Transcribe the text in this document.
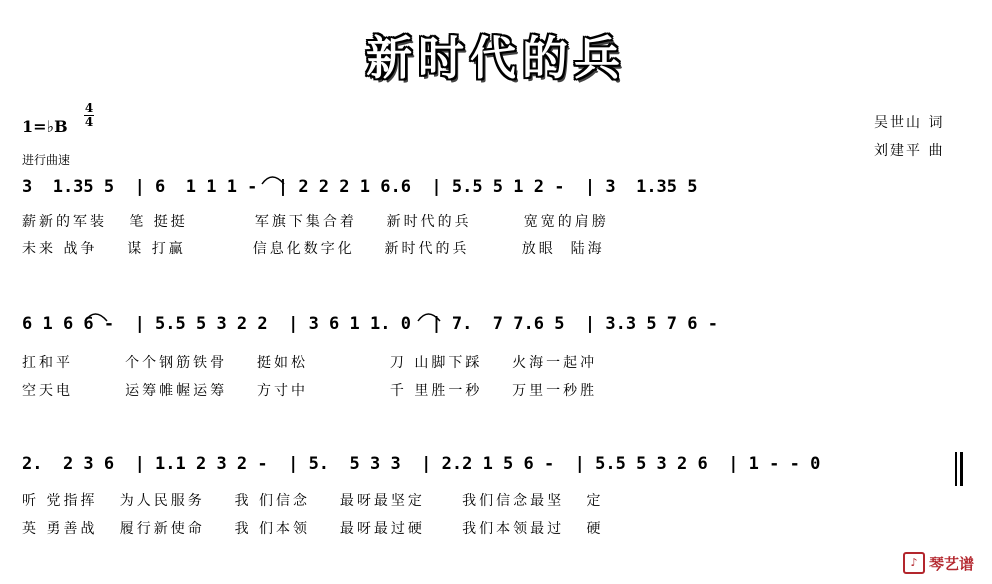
新时代的兵
1=♭B
4
4
进行曲速
吴世山 词
刘建平 曲
3  1.35 5  | 6  1 1 1 -  | 2 2 2 1 6.6  | 5.5 5 1 2 -  | 3  1.35 5
薪新的军装   笔 挺挺         军旗下集合着    新时代的兵       宽宽的肩膀
未来 战争    谋 打赢         信息化数字化    新时代的兵       放眼  陆海
6 1 6 6 -  | 5.5 5 3 2 2  | 3 6 1 1. 0  | 7.  7 7.6 5  | 3.3 5 7 6 -
扛和平       个个钢筋铁骨    挺如松           刀 山脚下踩    火海一起冲
空天电       运筹帷幄运筹    方寸中           千 里胜一秒    万里一秒胜
2.  2 3 6  | 1.1 2 3 2 -  | 5.  5 3 3  | 2.2 1 5 6 -  | 5.5 5 3 2 6  | 1 - - 0
听 党指挥   为人民服务    我 们信念    最呀最坚定     我们信念最坚   定
英 勇善战   履行新使命    我 们本领    最呀最过硬     我们本领最过   硬
♪ 琴艺谱
